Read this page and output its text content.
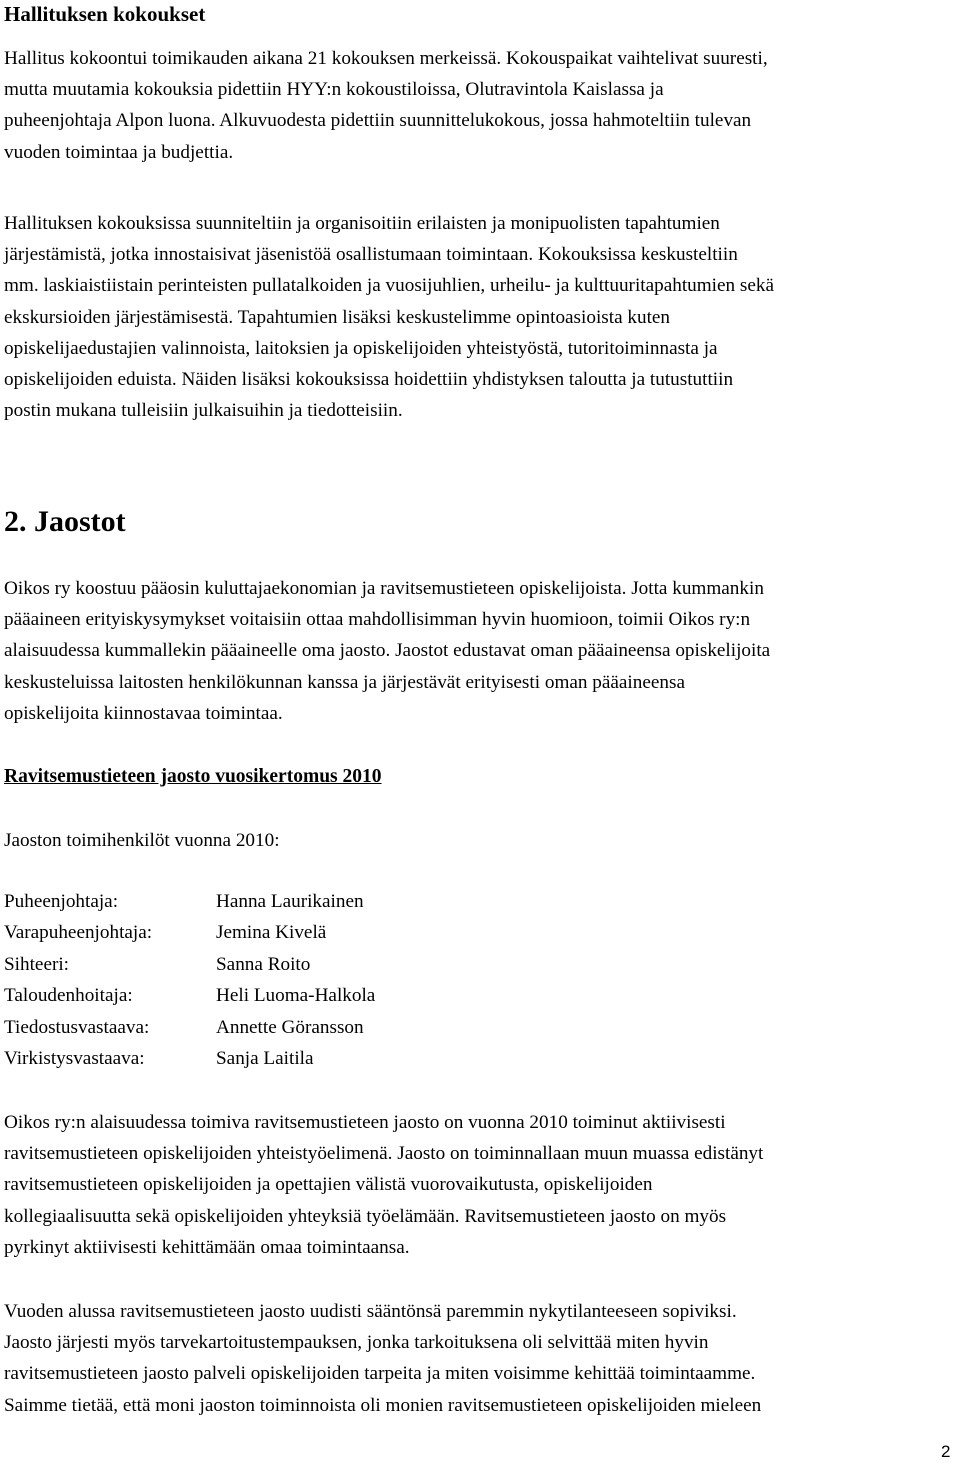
Hallituksen kokoukset
Hallitus kokoontui toimikauden aikana 21 kokouksen merkeissä. Kokouspaikat vaihtelivat suuresti,
mutta muutamia kokouksia pidettiin HYY:n kokoustiloissa, Olutravintola Kaislassa ja
puheenjohtaja Alpon luona. Alkuvuodesta pidettiin suunnittelukokous, jossa hahmoteltiin tulevan
vuoden toimintaa ja budjettia.
Hallituksen kokouksissa suunniteltiin ja organisoitiin erilaisten ja monipuolisten tapahtumien
järjestämistä, jotka innostaisivat jäsenistöä osallistumaan toimintaan. Kokouksissa keskusteltiin
mm. laskiaistiistain perinteisten pullatalkoiden ja vuosijuhlien, urheilu- ja kulttuuritapahtumien sekä
ekskursioiden järjestämisestä. Tapahtumien lisäksi keskustelimme opintoasioista kuten
opiskelijaedustajien valinnoista, laitoksien ja opiskelijoiden yhteistyöstä, tutoritoiminnasta ja
opiskelijoiden eduista. Näiden lisäksi kokouksissa hoidettiin yhdistyksen taloutta ja tutustuttiin
postin mukana tulleisiin julkaisuihin ja tiedotteisiin.
2. Jaostot
Oikos ry koostuu pääosin kuluttajaekonomian ja ravitsemustieteen opiskelijoista. Jotta kummankin
pääaineen erityiskysymykset voitaisiin ottaa mahdollisimman hyvin huomioon, toimii Oikos ry:n
alaisuudessa kummallekin pääaineelle oma jaosto. Jaostot edustavat oman pääaineensa opiskelijoita
keskusteluissa laitosten henkilökunnan kanssa ja järjestävät erityisesti oman pääaineensa
opiskelijoita kiinnostavaa toimintaa.
Ravitsemustieteen jaosto vuosikertomus 2010
Jaoston toimihenkilöt vuonna 2010:
Puheenjohtaja:	Hanna Laurikainen
Varapuheenjohtaja:	Jemina Kivelä
Sihteeri:	Sanna Roito
Taloudenhoitaja:	Heli Luoma-Halkola
Tiedostusvastaava:	Annette Göransson
Virkistysvastaava:	Sanja Laitila
Oikos ry:n alaisuudessa toimiva ravitsemustieteen jaosto on vuonna 2010 toiminut aktiivisesti
ravitsemustieteen opiskelijoiden yhteistyöelimenä. Jaosto on toiminnallaan muun muassa edistänyt
ravitsemustieteen opiskelijoiden ja opettajien välistä vuorovaikutusta, opiskelijoiden
kollegiaalisuutta sekä opiskelijoiden yhteyksiä työelämään. Ravitsemustieteen jaosto on myös
pyrkinyt aktiivisesti kehittämään omaa toimintaansa.
Vuoden alussa ravitsemustieteen jaosto uudisti sääntönsä paremmin nykytilanteeseen sopiviksi.
Jaosto järjesti myös tarvekartoitustempauksen, jonka tarkoituksena oli selvittää miten hyvin
ravitsemustieteen jaosto palveli opiskelijoiden tarpeita ja miten voisimme kehittää toimintaamme.
Saimme tietää, että moni jaoston toiminnoista oli monien ravitsemustieteen opiskelijoiden mieleen
2
